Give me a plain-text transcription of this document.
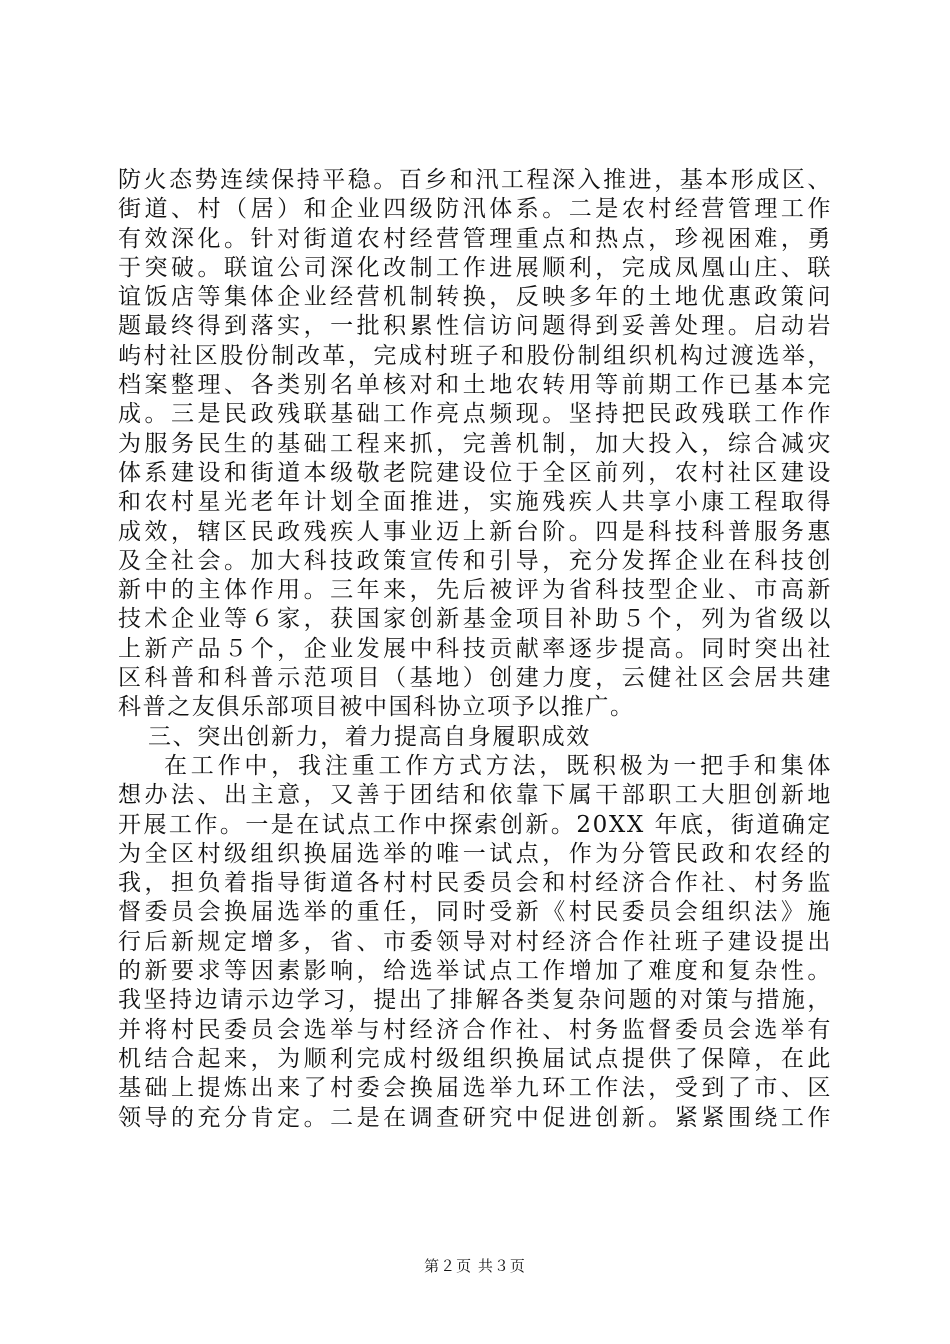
防火态势连续保持平稳。百乡和汛工程深入推进，基本形成区、
街道、村（居）和企业四级防汛体系。二是农村经营管理工作
有效深化。针对街道农村经营管理重点和热点，珍视困难，勇
于突破。联谊公司深化改制工作进展顺利，完成凤凰山庄、联
谊饭店等集体企业经营机制转换，反映多年的土地优惠政策问
题最终得到落实，一批积累性信访问题得到妥善处理。启动岩
屿村社区股份制改革，完成村班子和股份制组织机构过渡选举，
档案整理、各类别名单核对和土地农转用等前期工作已基本完
成。三是民政残联基础工作亮点频现。坚持把民政残联工作作
为服务民生的基础工程来抓，完善机制，加大投入，综合减灾
体系建设和街道本级敬老院建设位于全区前列，农村社区建设
和农村星光老年计划全面推进，实施残疾人共享小康工程取得
成效，辖区民政残疾人事业迈上新台阶。四是科技科普服务惠
及全社会。加大科技政策宣传和引导，充分发挥企业在科技创
新中的主体作用。三年来，先后被评为省科技型企业、市高新
技术企业等６家，获国家创新基金项目补助５个，列为省级以
上新产品５个，企业发展中科技贡献率逐步提高。同时突出社
区科普和科普示范项目（基地）创建力度，云健社区会居共建
科普之友俱乐部项目被中国科协立项予以推广。
三、突出创新力，着力提高自身履职成效
在工作中，我注重工作方式方法，既积极为一把手和集体
想办法、出主意，又善于团结和依靠下属干部职工大胆创新地
开展工作。一是在试点工作中探索创新。20XX 年底，街道确定
为全区村级组织换届选举的唯一试点，作为分管民政和农经的
我，担负着指导街道各村村民委员会和村经济合作社、村务监
督委员会换届选举的重任，同时受新《村民委员会组织法》施
行后新规定增多，省、市委领导对村经济合作社班子建设提出
的新要求等因素影响，给选举试点工作增加了难度和复杂性。
我坚持边请示边学习，提出了排解各类复杂问题的对策与措施，
并将村民委员会选举与村经济合作社、村务监督委员会选举有
机结合起来，为顺利完成村级组织换届试点提供了保障，在此
基础上提炼出来了村委会换届选举九环工作法，受到了市、区
领导的充分肯定。二是在调查研究中促进创新。紧紧围绕工作
第２页 共３页
